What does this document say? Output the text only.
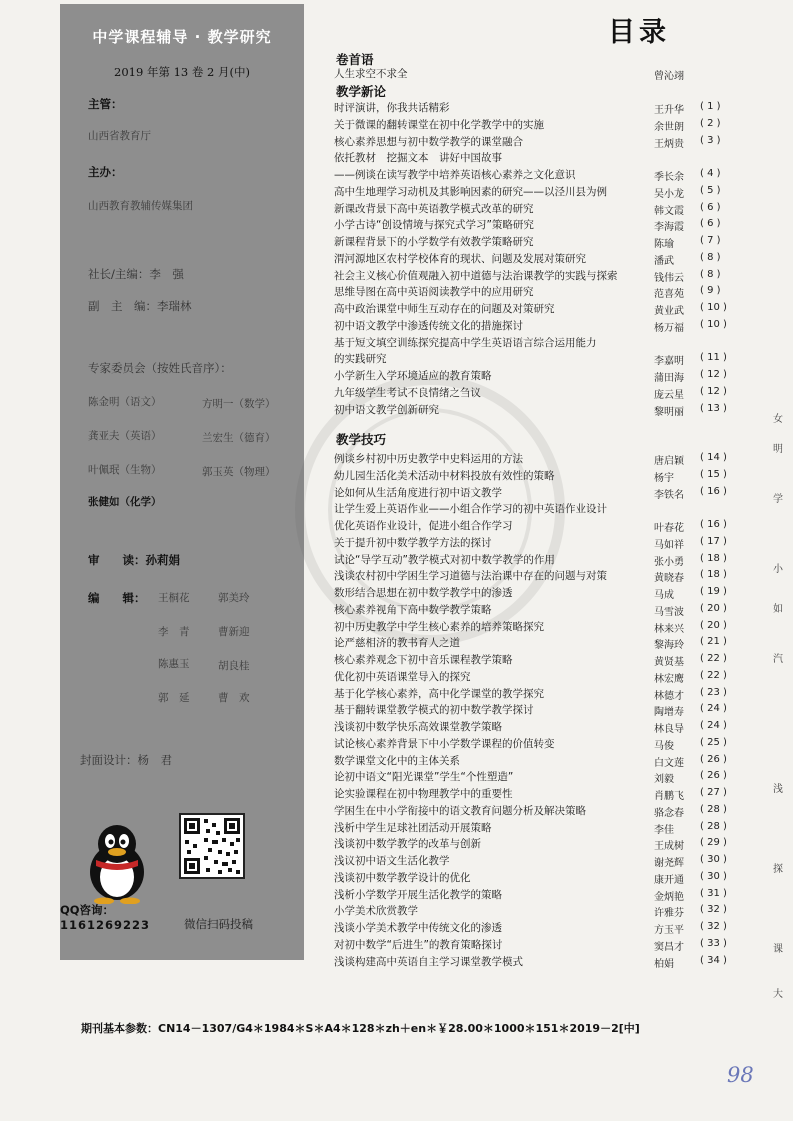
中学课程辅导 · 教学研究
2019 年第 13 卷 2 月(中)
主管：
山西省教育厅
主办：
山西教育教辅传媒集团
社长/主编：李　强
副　主　编：李瑞林
专家委员会（按姓氏音序）：
陈金明（语文）	方明一（数学）
龚亚夫（英语）	兰宏生（德育）
叶佩珉（生物）	郭玉英（物理）
张健如（化学）
审　　读：孙莉娟
编　　辑： 王桐花	郭美玲
李　青	曹新迎
陈惠玉	胡良桂
郭　延	曹　欢
封面设计：杨　君
QQ咨询：
1161269223	微信扫码投稿
目录
卷首语
人生求空不求全	曾沁翊
教学新论
时评演讲，你我共话精彩	王升华 ( 1 )
关于微课的翻转课堂在初中化学教学中的实施	余世朗 ( 2 )
核心素养思想与初中数学教学的课堂融合	王炳贵 ( 3 )
依托教材　挖掘文本　讲好中国故事
——例谈在读写教学中培养英语核心素养之文化意识	季长余 ( 4 )
高中生地理学习动机及其影响因素的研究——以泾川县为例	吴小龙 ( 5 )
新课改背景下高中英语教学模式改革的研究	韩文霞 ( 6 )
小学古诗“创设情境与探究式学习”策略研究	李海霞 ( 6 )
新课程背景下的小学数学有效教学策略研究	陈瑜	( 7 )
渭河源地区农村学校体育的现状、问题及发展对策研究	潘武	( 8 )
社会主义核心价值观融入初中道德与法治课教学的实践与探索	钱伟云 ( 8 )
思维导图在高中英语阅读教学中的应用研究	范喜苑 ( 9 )
高中政治课堂中师生互动存在的问题及对策研究	黄业武 ( 10 )
初中语文教学中渗透传统文化的措施探讨	杨万福 ( 10 )
基于短文填空训练探究提高中学生英语语言综合运用能力
的实践研究	李嘉明 ( 11 )
小学新生入学环境适应的教育策略	蒲田海 ( 12 )
九年级学生考试不良情绪之刍议	庞云星 ( 12 )
初中语文教学创新研究	黎明丽 ( 13 )
教学技巧
例谈乡村初中历史教学中史料运用的方法	唐启颖 ( 14 )
幼儿园生活化美术活动中材料投放有效性的策略	杨宇	( 15 )
论如何从生活角度进行初中语文教学	李铁名 ( 16 )
让学生爱上英语作业——小组合作学习的初中英语作业设计
优化英语作业设计，促进小组合作学习	叶春花 ( 16 )
关于提升初中数学教学方法的探讨	马如祥 ( 17 )
试论“导学互动”教学模式对初中数学教学的作用	张小勇 ( 18 )
浅谈农村初中学困生学习道德与法治课中存在的问题与对策	黄晓春 ( 18 )
数形结合思想在初中数学教学中的渗透	马成	( 19 )
核心素养视角下高中数学教学策略	马雪波 ( 20 )
初中历史教学中学生核心素养的培养策略探究	林来兴 ( 20 )
论严慈相济的教书育人之道	黎海玲 ( 21 )
核心素养观念下初中音乐课程教学策略	黄贤基 ( 22 )
优化初中英语课堂导入的探究	林宏鹰 ( 22 )
基于化学核心素养，高中化学课堂的教学探究	林德才 ( 23 )
基于翻转课堂教学模式的初中数学教学探讨	陶增寿 ( 24 )
浅谈初中数学快乐高效课堂教学策略	林良导 ( 24 )
试论核心素养背景下中小学数学课程的价值转变	马俊	( 25 )
数学课堂文化中的主体关系	白文莲 ( 26 )
论初中语文“阳光课堂”学生“个性塑造”	刘毅	( 26 )
论实验课程在初中物理教学中的重要性	肖鹏飞 ( 27 )
学困生在中小学衔接中的语文教育问题分析及解决策略	骆念春 ( 28 )
浅析中学生足球社团活动开展策略	李佳	( 28 )
浅谈初中数学教学的改革与创新	王成树 ( 29 )
浅议初中语文生活化教学	谢尧辉 ( 30 )
浅谈初中数学教学设计的优化	康开通 ( 30 )
浅析小学数学开展生活化教学的策略	金炳艳 ( 31 )
小学美术欣赏教学	许雅芬 ( 32 )
浅谈小学美术教学中传统文化的渗透	方玉平 ( 32 )
对初中数学“后进生”的教育策略探讨	窦昌才 ( 33 )
浅谈构建高中英语自主学习课堂教学模式	柏娟	( 34 )
女
明
学
小
如
汽
浅
探
课
大
期刊基本参数：CN14－1307/G4＊1984＊S＊A4＊128＊zh＋en＊￥28.00＊1000＊151＊2019－2[中]
98
